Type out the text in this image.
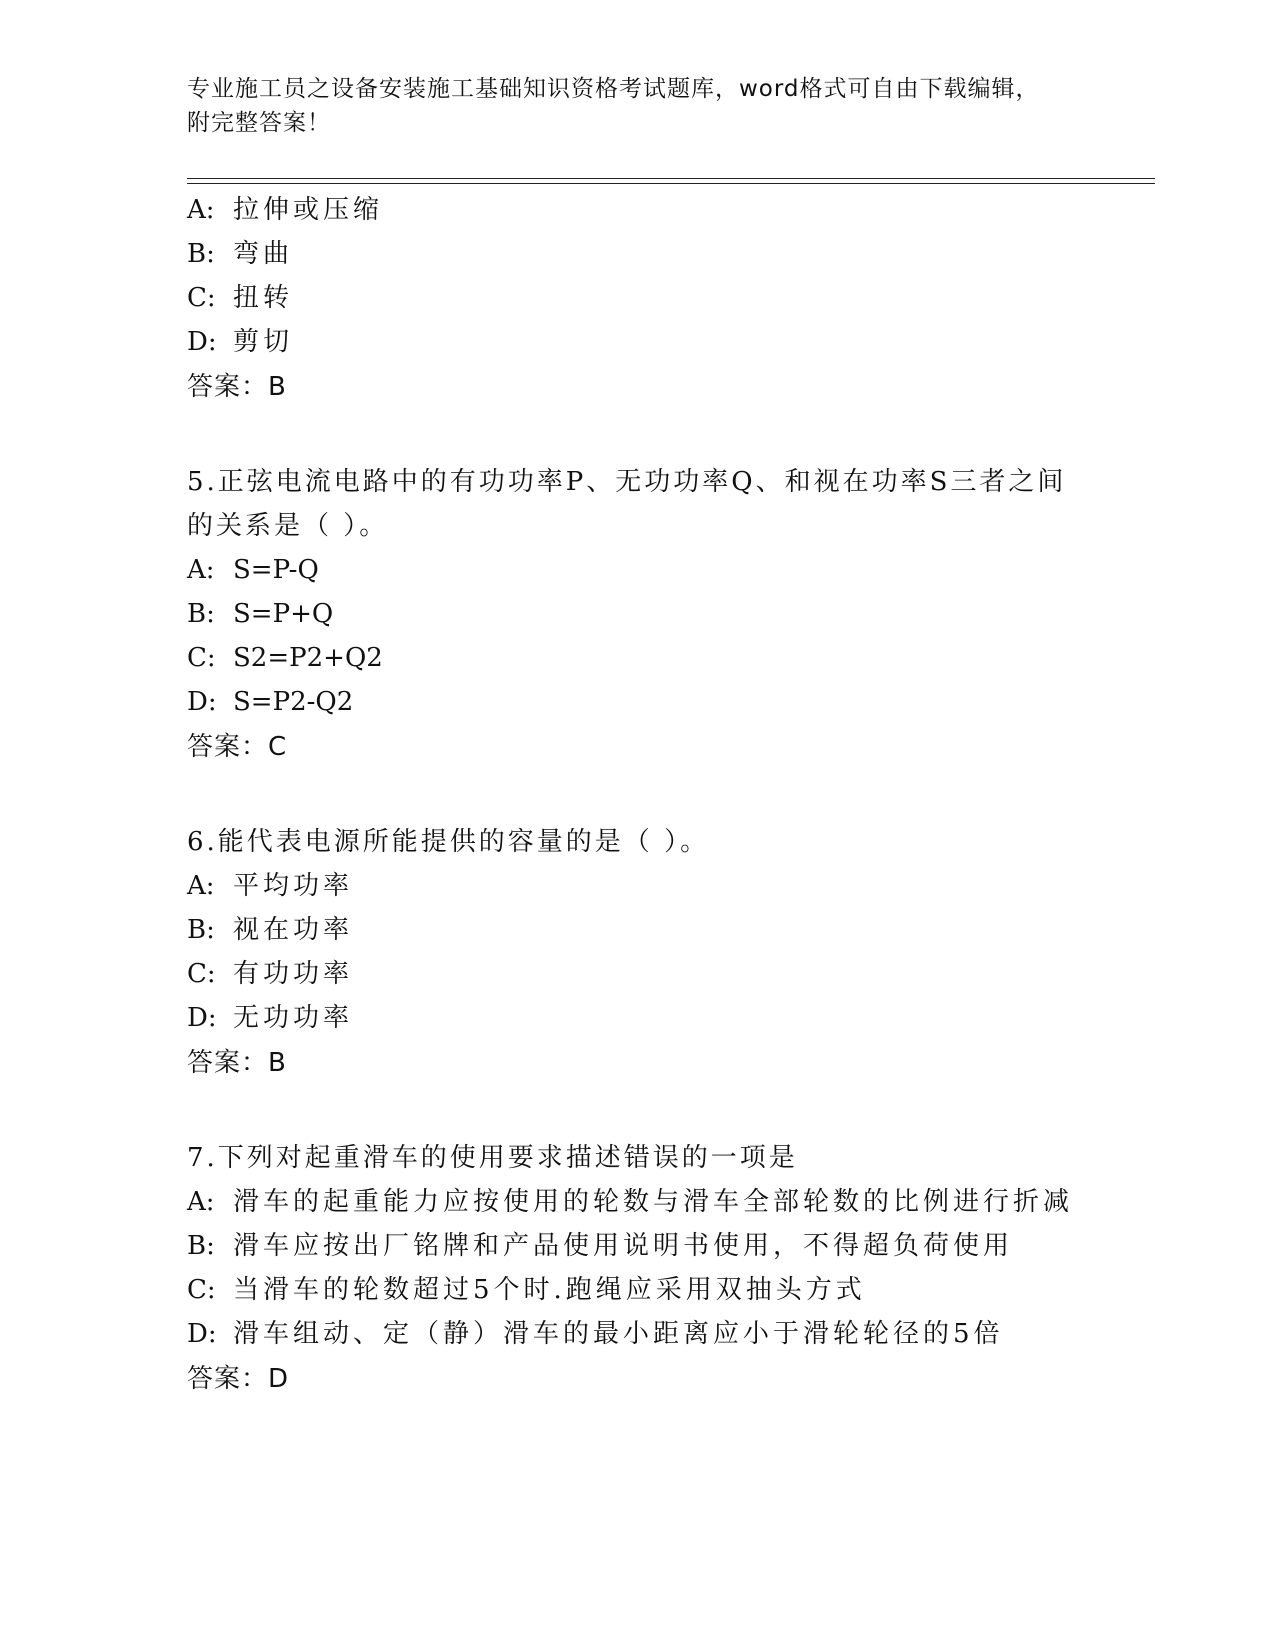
专业施工员之设备安装施工基础知识资格考试题库，word格式可自由下载编辑，
附完整答案！
A: 拉伸或压缩
B: 弯曲
C: 扭转
D: 剪切
答案：B
5.正弦电流电路中的有功功率P、无功功率Q、和视在功率S三者之间
的关系是（ ）。
A: S=P-Q
B: S=P+Q
C: S2=P2+Q2
D: S=P2-Q2
答案：C
6.能代表电源所能提供的容量的是（ ）。
A: 平均功率
B: 视在功率
C: 有功功率
D: 无功功率
答案：B
7.下列对起重滑车的使用要求描述错误的一项是
A: 滑车的起重能力应按使用的轮数与滑车全部轮数的比例进行折减
B: 滑车应按出厂铭牌和产品使用说明书使用，不得超负荷使用
C: 当滑车的轮数超过5个时.跑绳应采用双抽头方式
D: 滑车组动、定（静）滑车的最小距离应小于滑轮轮径的5倍
答案：D
